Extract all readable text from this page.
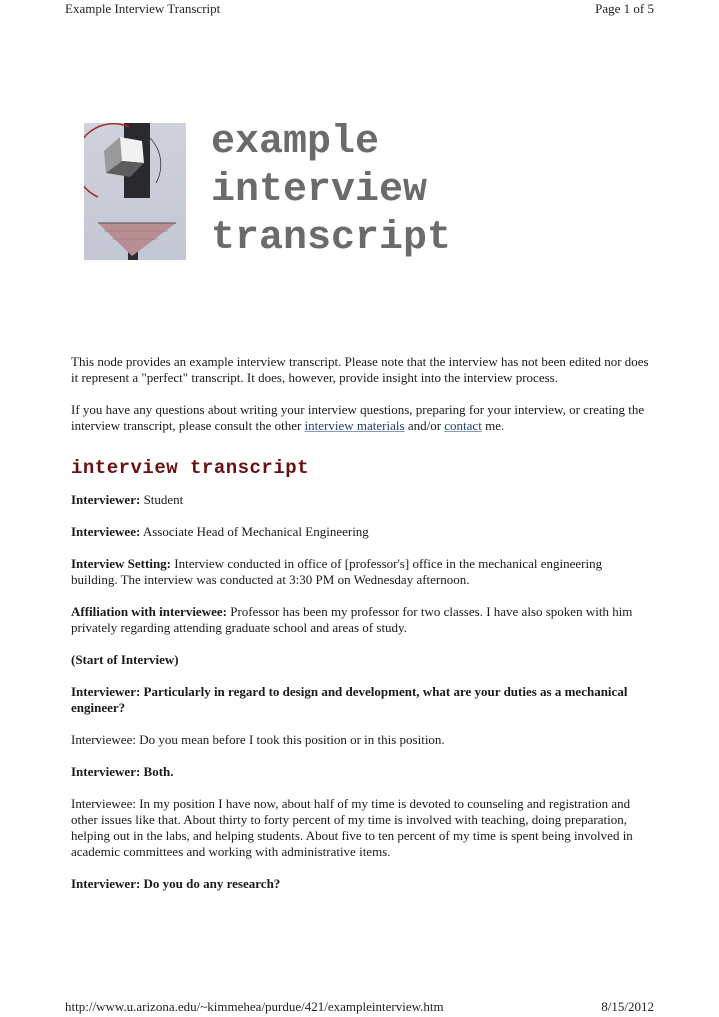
Example Interview Transcript	Page 1 of 5
example
interview
transcript

This node provides an example interview transcript. Please note that the interview has not been edited nor does it represent a "perfect" transcript. It does, however, provide insight into the interview process.

If you have any questions about writing your interview questions, preparing for your interview, or creating the interview transcript, please consult the other interview materials and/or contact me.

interview transcript

Interviewer: Student

Interviewee: Associate Head of Mechanical Engineering

Interview Setting: Interview conducted in office of [professor's] office in the mechanical engineering building. The interview was conducted at 3:30 PM on Wednesday afternoon.

Affiliation with interviewee: Professor has been my professor for two classes. I have also spoken with him privately regarding attending graduate school and areas of study.

(Start of Interview)

Interviewer: Particularly in regard to design and development, what are your duties as a mechanical engineer?

Interviewee: Do you mean before I took this position or in this position.

Interviewer: Both.

Interviewee: In my position I have now, about half of my time is devoted to counseling and registration and other issues like that. About thirty to forty percent of my time is involved with teaching, doing preparation, helping out in the labs, and helping students. About five to ten percent of my time is spent being involved in academic committees and working with administrative items.

Interviewer: Do you do any research?

http://www.u.arizona.edu/~kimmehea/purdue/421/exampleinterview.htm	8/15/2012
